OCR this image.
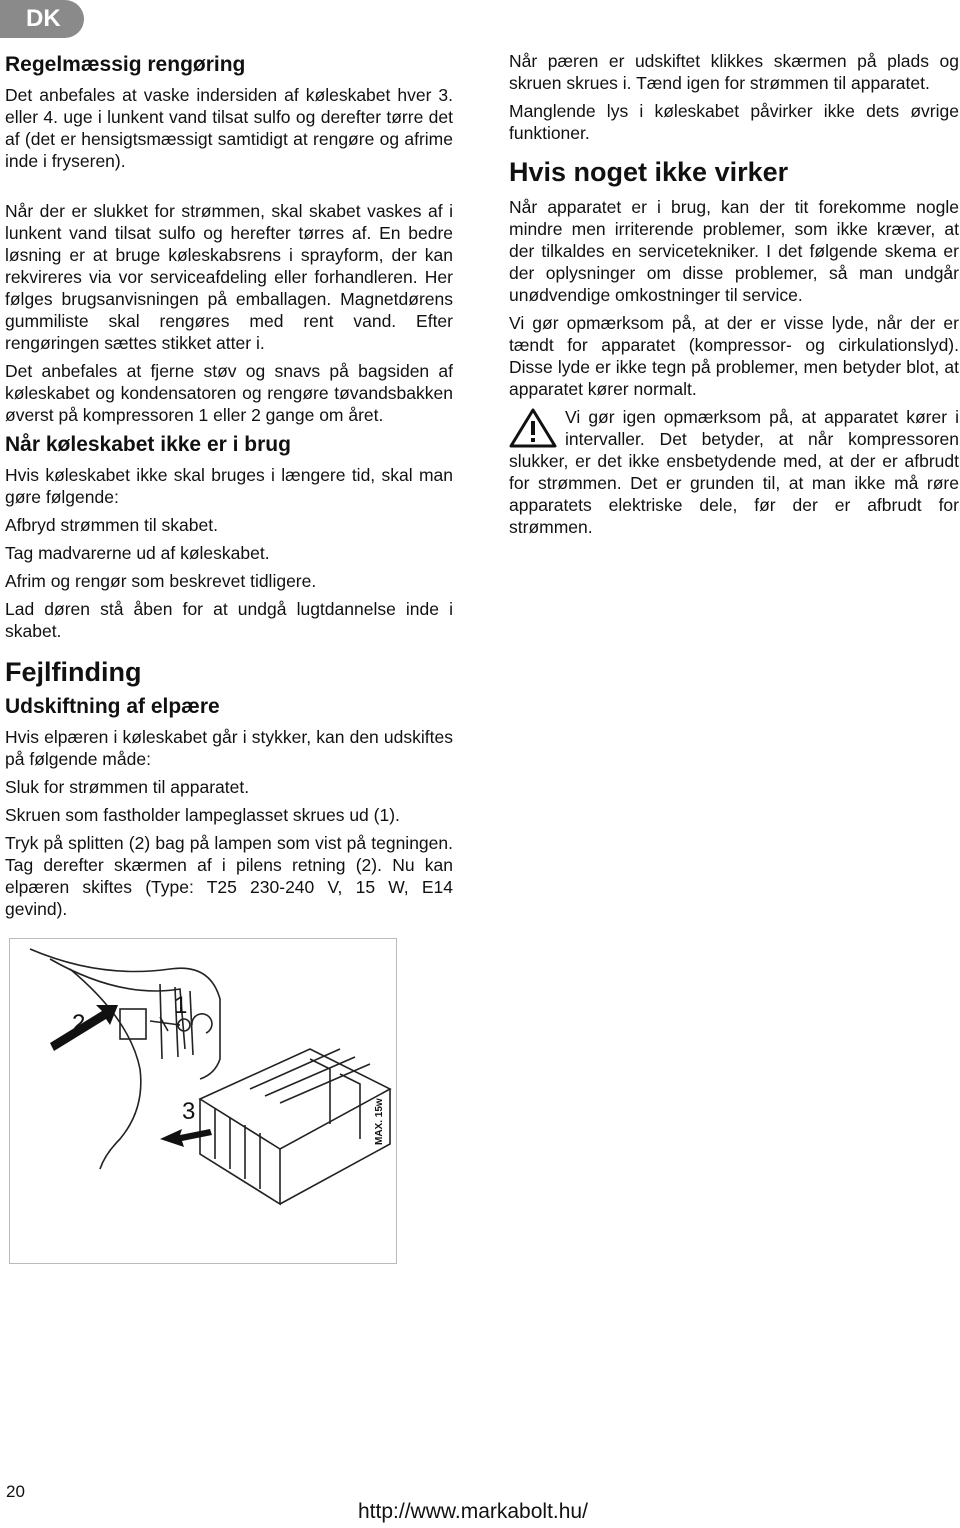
DK
Regelmæssig rengøring

Det anbefales at vaske indersiden af køleskabet hver 3. eller 4. uge i lunkent vand tilsat sulfo og derefter tørre det af (det er hensigtsmæssigt samtidigt at rengøre og afrime inde i fryseren).

Når der er slukket for strømmen, skal skabet vaskes af i lunkent vand tilsat sulfo og herefter tørres af. En bedre løsning er at bruge køleskabsrens i sprayform, der kan rekvireres via vor serviceafdeling eller forhandleren. Her følges brugsanvisningen på emballagen. Magnetdørens gummiliste skal rengøres med rent vand. Efter rengøringen sættes stikket atter i.

Det anbefales at fjerne støv og snavs på bagsiden af køleskabet og kondensatoren og rengøre tøvandsbakken øverst på kompressoren 1 eller 2 gange om året.

Når køleskabet ikke er i brug

Hvis køleskabet ikke skal bruges i længere tid, skal man gøre følgende:

Afbryd strømmen til skabet.

Tag madvarerne ud af køleskabet.

Afrim og rengør som beskrevet tidligere.

Lad døren stå åben for at undgå lugtdannelse inde i skabet.

Fejlfinding
Udskiftning af elpære

Hvis elpæren i køleskabet går i stykker, kan den udskiftes på følgende måde:

Sluk for strømmen til apparatet.

Skruen som fastholder lampeglasset skrues ud (1).

Tryk på splitten (2) bag på lampen som vist på tegningen. Tag derefter skærmen af i pilens retning (2). Nu kan elpæren skiftes (Type: T25 230-240 V, 15 W, E14 gevind).

2
1
3	MAX. 15w

Når pæren er udskiftet klikkes skærmen på plads og skruen skrues i. Tænd igen for strømmen til apparatet.

Manglende lys i køleskabet påvirker ikke dets øvrige funktioner.

Hvis noget ikke virker

Når apparatet er i brug, kan der tit forekomme nogle mindre men irriterende problemer, som ikke kræver, at der tilkaldes en servicetekniker. I det følgende skema er der oplysninger om disse problemer, så man undgår unødvendige omkostninger til service.

Vi gør opmærksom på, at der er visse lyde, når der er tændt for apparatet (kompressor- og cirkulationslyd). Disse lyde er ikke tegn på problemer, men betyder blot, at apparatet kører normalt.

Vi gør igen opmærksom på, at apparatet kører i intervaller. Det betyder, at når kompressoren slukker, er det ikke ensbetydende med, at der er afbrudt for strømmen. Det er grunden til, at man ikke må røre apparatets elektriske dele, før der er afbrudt for strømmen.

20
http://www.markabolt.hu/
